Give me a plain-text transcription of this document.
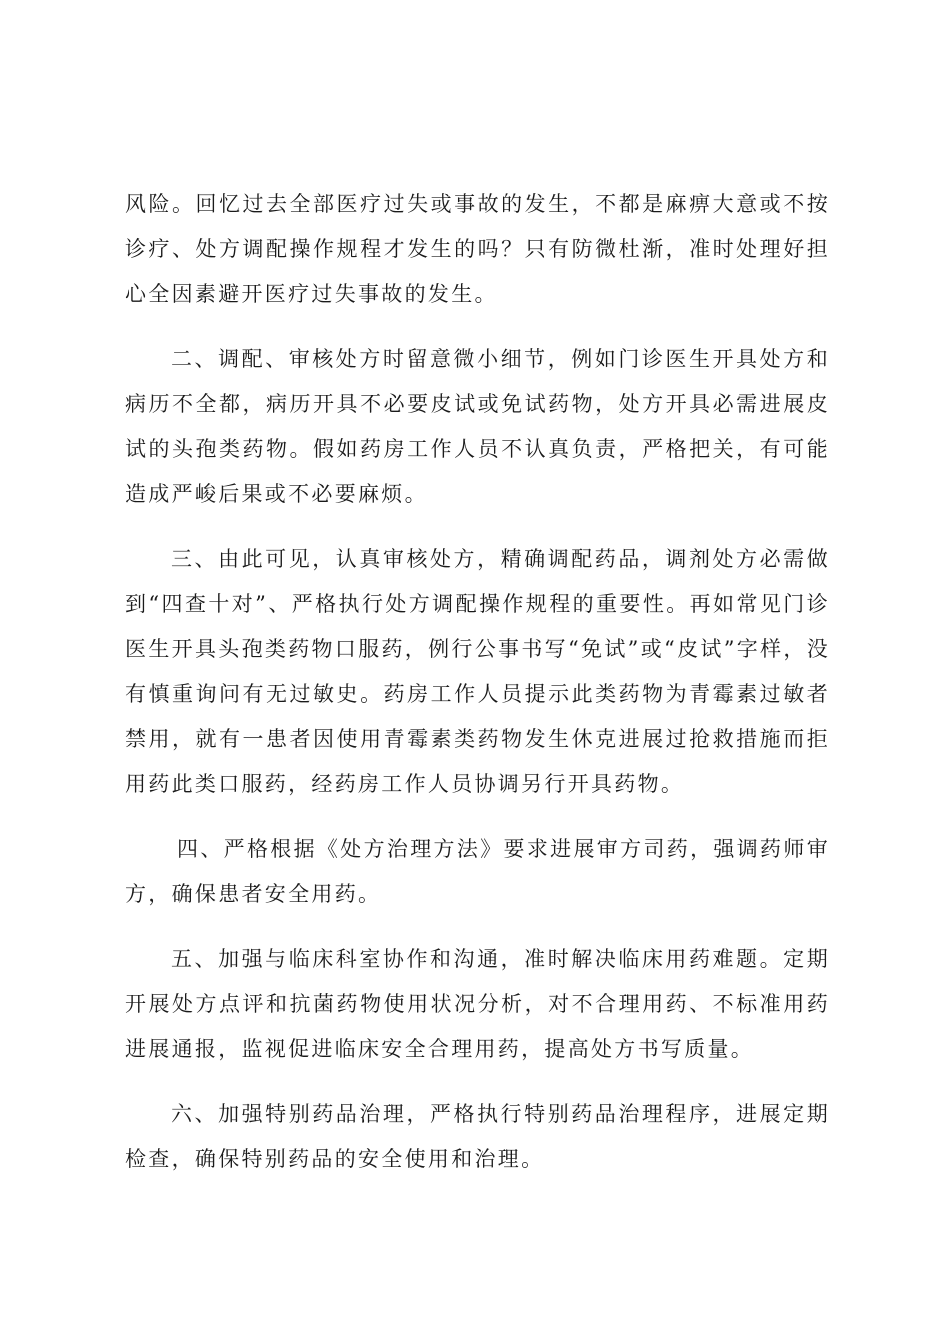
风险。回忆过去全部医疗过失或事故的发生，不都是麻痹大意或不按诊疗、处方调配操作规程才发生的吗？只有防微杜渐，准时处理好担心全因素避开医疗过失事故的发生。

二、调配、审核处方时留意微小细节，例如门诊医生开具处方和病历不全都，病历开具不必要皮试或免试药物，处方开具必需进展皮试的头孢类药物。假如药房工作人员不认真负责，严格把关，有可能造成严峻后果或不必要麻烦。

三、由此可见，认真审核处方，精确调配药品，调剂处方必需做到“四查十对”、严格执行处方调配操作规程的重要性。再如常见门诊医生开具头孢类药物口服药，例行公事书写“免试”或“皮试”字样，没有慎重询问有无过敏史。药房工作人员提示此类药物为青霉素过敏者禁用，就有一患者因使用青霉素类药物发生休克进展过抢救措施而拒用药此类口服药，经药房工作人员协调另行开具药物。

四、严格根据《处方治理方法》要求进展审方司药，强调药师审方，确保患者安全用药。

五、加强与临床科室协作和沟通，准时解决临床用药难题。定期开展处方点评和抗菌药物使用状况分析，对不合理用药、不标准用药进展通报，监视促进临床安全合理用药，提高处方书写质量。

六、加强特别药品治理，严格执行特别药品治理程序，进展定期检查，确保特别药品的安全使用和治理。
